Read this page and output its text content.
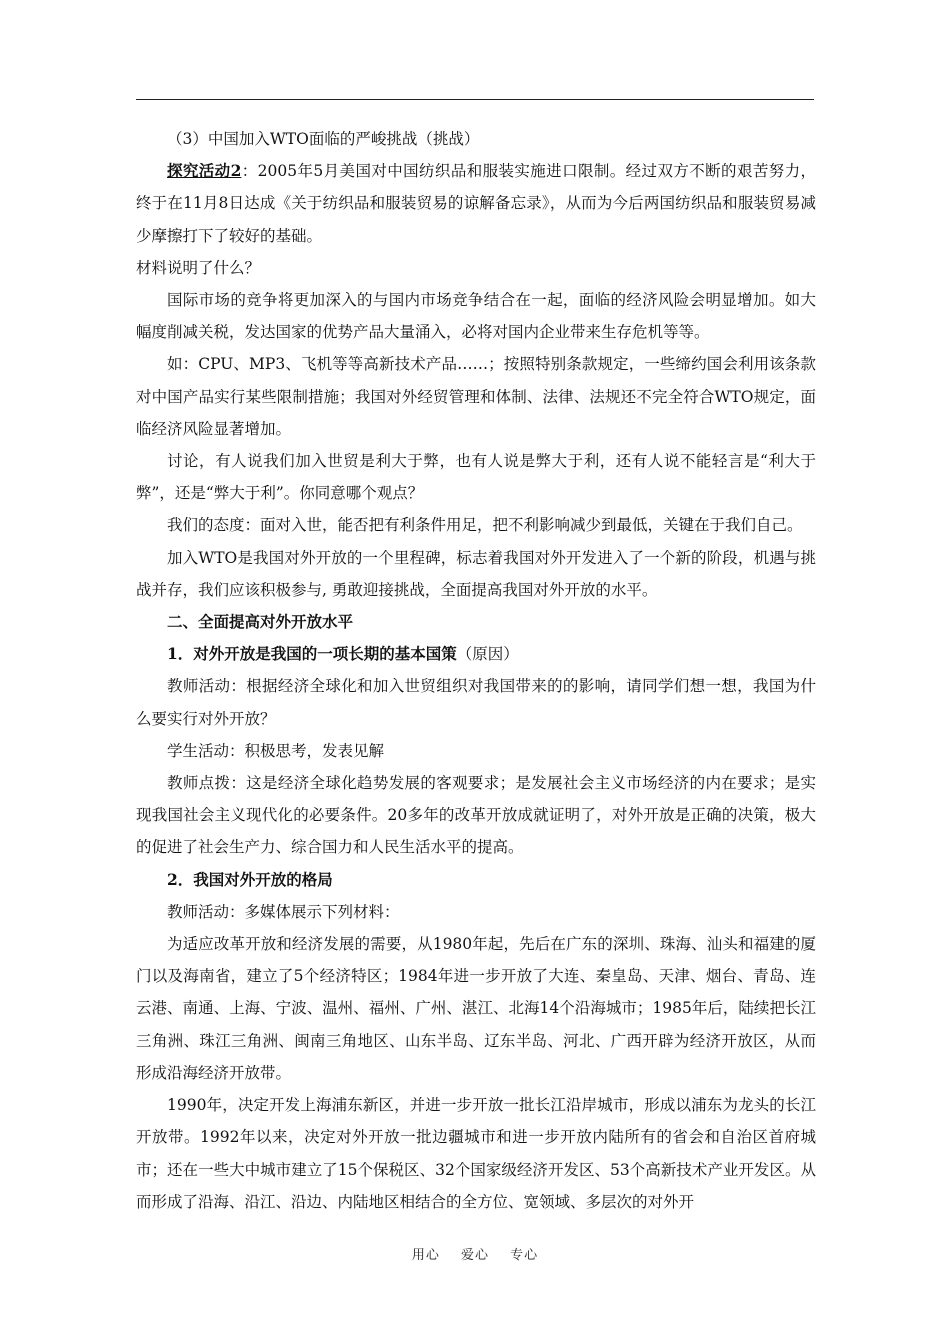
（3）中国加入WTO面临的严峻挑战（挑战）

探究活动2：2005年5月美国对中国纺织品和服装实施进口限制。经过双方不断的艰苦努力，终于在11月8日达成《关于纺织品和服装贸易的谅解备忘录》，从而为今后两国纺织品和服装贸易减少摩擦打下了较好的基础。

材料说明了什么？

国际市场的竞争将更加深入的与国内市场竞争结合在一起，面临的经济风险会明显增加。如大幅度削减关税，发达国家的优势产品大量涌入，必将对国内企业带来生存危机等等。

如：CPU、MP3、飞机等等高新技术产品……；按照特别条款规定，一些缔约国会利用该条款对中国产品实行某些限制措施；我国对外经贸管理和体制、法律、法规还不完全符合WTO规定，面临经济风险显著增加。

讨论，有人说我们加入世贸是利大于弊，也有人说是弊大于利，还有人说不能轻言是“利大于弊”，还是“弊大于利”。你同意哪个观点？

我们的态度：面对入世，能否把有利条件用足，把不利影响减少到最低，关键在于我们自己。

加入WTO是我国对外开放的一个里程碑，标志着我国对外开发进入了一个新的阶段，机遇与挑战并存，我们应该积极参与, 勇敢迎接挑战，全面提高我国对外开放的水平。

二、全面提高对外开放水平

1．对外开放是我国的一项长期的基本国策（原因）

教师活动：根据经济全球化和加入世贸组织对我国带来的的影响，请同学们想一想，我国为什么要实行对外开放？

学生活动：积极思考，发表见解

教师点拨：这是经济全球化趋势发展的客观要求；是发展社会主义市场经济的内在要求；是实现我国社会主义现代化的必要条件。20多年的改革开放成就证明了，对外开放是正确的决策，极大的促进了社会生产力、综合国力和人民生活水平的提高。

2．我国对外开放的格局

教师活动：多媒体展示下列材料：

为适应改革开放和经济发展的需要，从1980年起，先后在广东的深圳、珠海、汕头和福建的厦门以及海南省，建立了5个经济特区；1984年进一步开放了大连、秦皇岛、天津、烟台、青岛、连云港、南通、上海、宁波、温州、福州、广州、湛江、北海14个沿海城市；1985年后，陆续把长江三角洲、珠江三角洲、闽南三角地区、山东半岛、辽东半岛、河北、广西开辟为经济开放区，从而形成沿海经济开放带。

1990年，决定开发上海浦东新区，并进一步开放一批长江沿岸城市，形成以浦东为龙头的长江开放带。1992年以来，决定对外开放一批边疆城市和进一步开放内陆所有的省会和自治区首府城市；还在一些大中城市建立了15个保税区、32个国家级经济开发区、53个高新技术产业开发区。从而形成了沿海、沿江、沿边、内陆地区相结合的全方位、宽领域、多层次的对外开

用心 爱心 专心
